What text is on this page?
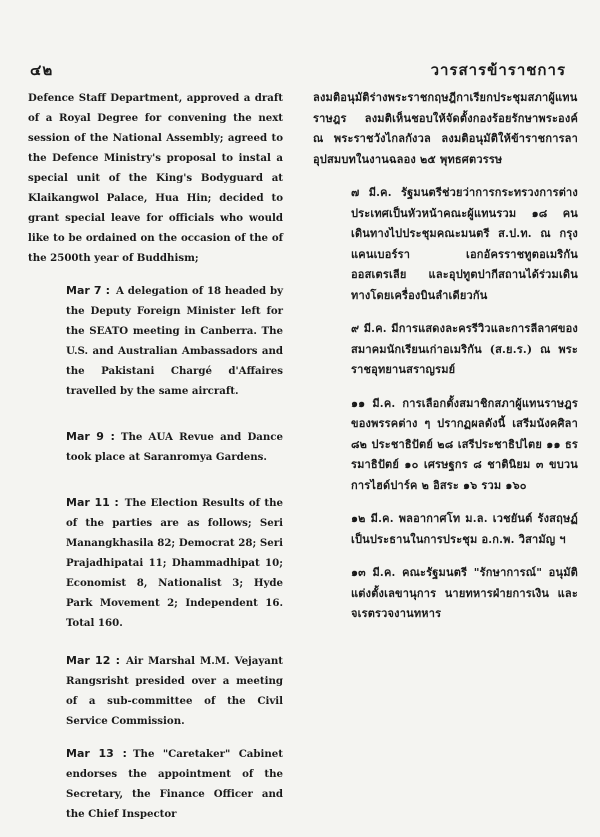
๔๒	วารสารข้าราชการ

Defence Staff Department, approved a draft of a Royal Degree for convening the next session of the National Assembly; agreed to the Defence Ministry's proposal to instal a special unit of the King's Bodyguard at Klaikangwol Palace, Hua Hin; decided to grant special leave for officials who would like to be ordained on the occasion of the of the 2500th year of Buddhism;

Mar 7 : A delegation of 18 headed by the Deputy Foreign Minister left for the SEATO meeting in Canberra. The U.S. and Australian Ambassadors and the Pakistani Chargé d'Affaires travelled by the same aircraft.

Mar 9 : The AUA Revue and Dance took place at Saranromya Gardens.

Mar 11 : The Election Results of the of the parties are as follows; Seri Manangkhasila 82; Democrat 28; Seri Prajadhipatai 11; Dhammadhipat 10; Economist 8, Nationalist 3; Hyde Park Movement 2; Independent 16. Total 160.

Mar 12 : Air Marshal M.M. Vejayant Rangsrisht presided over a meeting of a sub-committee of the Civil Service Commission.

Mar 13 : The "Caretaker" Cabinet endorses the appointment of the Secretary, the Finance Officer and the Chief Inspector

ลงมติอนุมัติร่างพระราชกฤษฎีกาเรียกประชุมสภาผู้แทนราษฎร ลงมติเห็นชอบให้จัดตั้งกองร้อยรักษาพระองค์ ณ พระราชวังไกลกังวล ลงมติอนุมัติให้ข้าราชการลาอุปสมบทในงานฉลอง ๒๕ พุทธศตวรรษ

๗ มี.ค. รัฐมนตรีช่วยว่าการกระทรวงการต่างประเทศเป็นหัวหน้าคณะผู้แทนรวม ๑๘ คน เดินทางไปประชุมคณะมนตรี ส.ป.ท. ณ กรุงแคนเบอร์รา เอกอัครราชทูตอเมริกัน ออสเตรเลีย และอุปทูตปากีสถานได้ร่วมเดินทางโดยเครื่องบินลำเดียวกัน

๙ มี.ค. มีการแสดงละครรีวิวและการลีลาศของสมาคมนักเรียนเก่าอเมริกัน (ส.ย.ร.) ณ พระราชอุทยานสราญรมย์

๑๑ มี.ค. การเลือกตั้งสมาชิกสภาผู้แทนราษฎรของพรรคต่าง ๆ ปรากฏผลดังนี้ เสรีมนังคศิลา ๘๒ ประชาธิปัตย์ ๒๘ เสรีประชาธิปไตย ๑๑ ธรรมาธิปัตย์ ๑๐ เศรษฐกร ๘ ชาตินิยม ๓ ขบวนการไฮด์ปาร์ค ๒ อิสระ ๑๖ รวม ๑๖๐

๑๒ มี.ค. พลอากาศโท ม.ล. เวชยันต์ รังสฤษฏ์ เป็นประธานในการประชุม อ.ก.พ. วิสามัญ ฯ

๑๓ มี.ค. คณะรัฐมนตรี "รักษาการณ์" อนุมัติแต่งตั้งเลขานุการ นายทหารฝ่ายการเงิน และจเรตรวจงานทหาร
